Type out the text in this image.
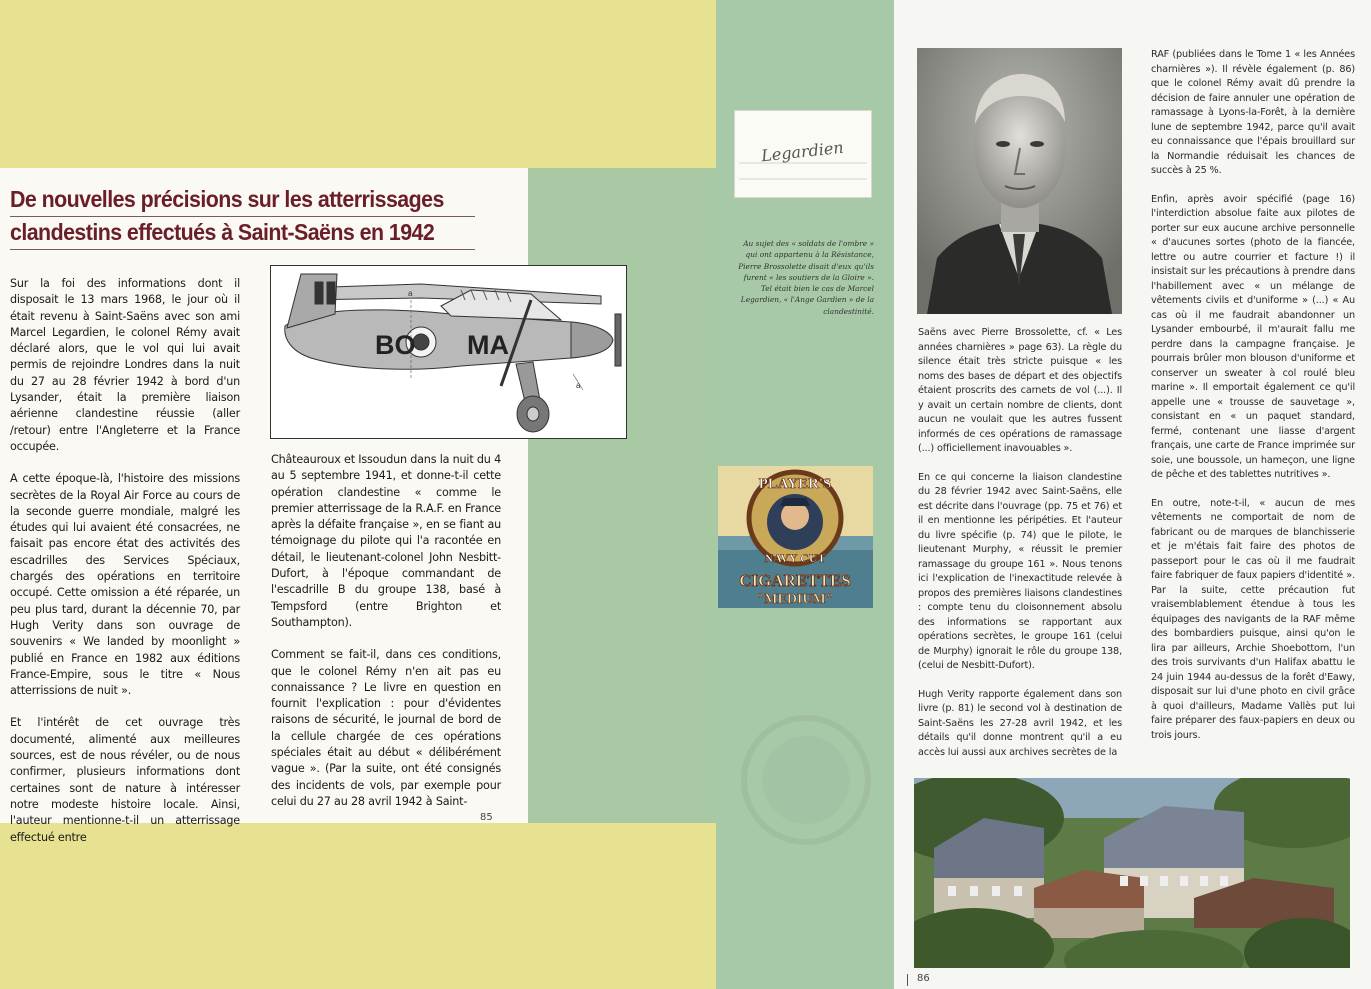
De nouvelles précisions sur les atterrissages
clandestins effectués à Saint-Saëns en 1942

Sur la foi des informations dont il disposait le 13 mars 1968, le jour où il était revenu à Saint-Saëns avec son ami Marcel Legardien, le colonel Rémy avait déclaré alors, que le vol qui lui avait permis de rejoindre Londres dans la nuit du 27 au 28 février 1942 à bord d'un Lysander, était la première liaison aérienne clandestine réussie (aller /retour) entre l'Angleterre et la France occupée.

A cette époque-là, l'histoire des missions secrètes de la Royal Air Force au cours de la seconde guerre mondiale, malgré les études qui lui avaient été consacrées, ne faisait pas encore état des activités des escadrilles des Services Spéciaux, chargés des opérations en territoire occupé. Cette omission a été réparée, un peu plus tard, durant la décennie 70, par Hugh Verity dans son ouvrage de souvenirs « We landed by moonlight » publié en France en 1982 aux éditions France-Empire, sous le titre « Nous atterrissions de nuit ».

Et l'intérêt de cet ouvrage très documenté, alimenté aux meilleures sources, est de nous révéler, ou de nous confirmer, plusieurs informations dont certaines sont de nature à intéresser notre modeste histoire locale. Ainsi, l'auteur mentionne-t-il un atterrissage effectué entre

BO MA
a
a

Châteauroux et Issoudun dans la nuit du 4 au 5 septembre 1941, et donne-t-il cette opération clandestine « comme le premier atterrissage de la R.A.F. en France après la défaite française », en se fiant au témoignage du pilote qui l'a racontée en détail, le lieutenant-colonel John Nesbitt-Dufort, à l'époque commandant de l'escadrille B du groupe 138, basé à Tempsford (entre Brighton et Southampton).

Comment se fait-il, dans ces conditions, que le colonel Rémy n'en ait pas eu connaissance ? Le livre en question en fournit l'explication : pour d'évidentes raisons de sécurité, le journal de bord de la cellule chargée de ces opérations spéciales était au début « délibérément vague ». (Par la suite, ont été consignés des incidents de vols, par exemple pour celui du 27 au 28 avril 1942 à Saint-

85
Legardien
Au sujet des « soldats de l'ombre » qui ont appartenu à la Résistance, Pierre Brossolette disait d'eux qu'ils furent « les soutiers de la Gloire ». Tel était bien le cas de Marcel Legardien, « l'Ange Gardien » de la clandestinité.
PLAYER'S
NAVY CUT
CIGARETTES
"MEDIUM"

Saëns avec Pierre Brossolette, cf. « Les années charnières » page 63). La règle du silence était très stricte puisque « les noms des bases de départ et des objectifs étaient proscrits des carnets de vol (...). Il y avait un certain nombre de clients, dont aucun ne voulait que les autres fussent informés de ces opérations de ramassage (...) officiellement inavouables ».

En ce qui concerne la liaison clandestine du 28 février 1942 avec Saint-Saëns, elle est décrite dans l'ouvrage (pp. 75 et 76) et il en mentionne les péripéties. Et l'auteur du livre spécifie (p. 74) que le pilote, le lieutenant Murphy, « réussit le premier ramassage du groupe 161 ». Nous tenons ici l'explication de l'inexactitude relevée à propos des premières liaisons clandestines : compte tenu du cloisonnement absolu des informations se rapportant aux opérations secrètes, le groupe 161 (celui de Murphy) ignorait le rôle du groupe 138, (celui de Nesbitt-Dufort).

Hugh Verity rapporte également dans son livre (p. 81) le second vol à destination de Saint-Saëns les 27-28 avril 1942, et les détails qu'il donne montrent qu'il a eu accès lui aussi aux archives secrètes de la

RAF (publiées dans le Tome 1 « les Années charnières »). Il révèle également (p. 86) que le colonel Rémy avait dû prendre la décision de faire annuler une opération de ramassage à Lyons-la-Forêt, à la dernière lune de septembre 1942, parce qu'il avait eu connaissance que l'épais brouillard sur la Normandie réduisait les chances de succès à 25 %.

Enfin, après avoir spécifié (page 16) l'interdiction absolue faite aux pilotes de porter sur eux aucune archive personnelle « d'aucunes sortes (photo de la fiancée, lettre ou autre courrier et facture !) il insistait sur les précautions à prendre dans l'habillement avec « un mélange de vêtements civils et d'uniforme » (...) « Au cas où il me faudrait abandonner un Lysander embourbé, il m'aurait fallu me perdre dans la campagne française. Je pourrais brûler mon blouson d'uniforme et conserver un sweater à col roulé bleu marine ». Il emportait également ce qu'il appelle une « trousse de sauvetage », consistant en « un paquet standard, fermé, contenant une liasse d'argent français, une carte de France imprimée sur soie, une boussole, un hameçon, une ligne de pêche et des tablettes nutritives ».

En outre, note-t-il, « aucun de mes vêtements ne comportait de nom de fabricant ou de marques de blanchisserie et je m'étais fait faire des photos de passeport pour le cas où il me faudrait faire fabriquer de faux papiers d'identité ». Par la suite, cette précaution fut vraisemblablement étendue à tous les équipages des navigants de la RAF même des bombardiers puisque, ainsi qu'on le lira par ailleurs, Archie Shoebottom, l'un des trois survivants d'un Halifax abattu le 24 juin 1944 au-dessus de la forêt d'Eawy, disposait sur lui d'une photo en civil grâce à quoi d'ailleurs, Madame Vallès put lui faire préparer des faux-papiers en deux ou trois jours.

86
